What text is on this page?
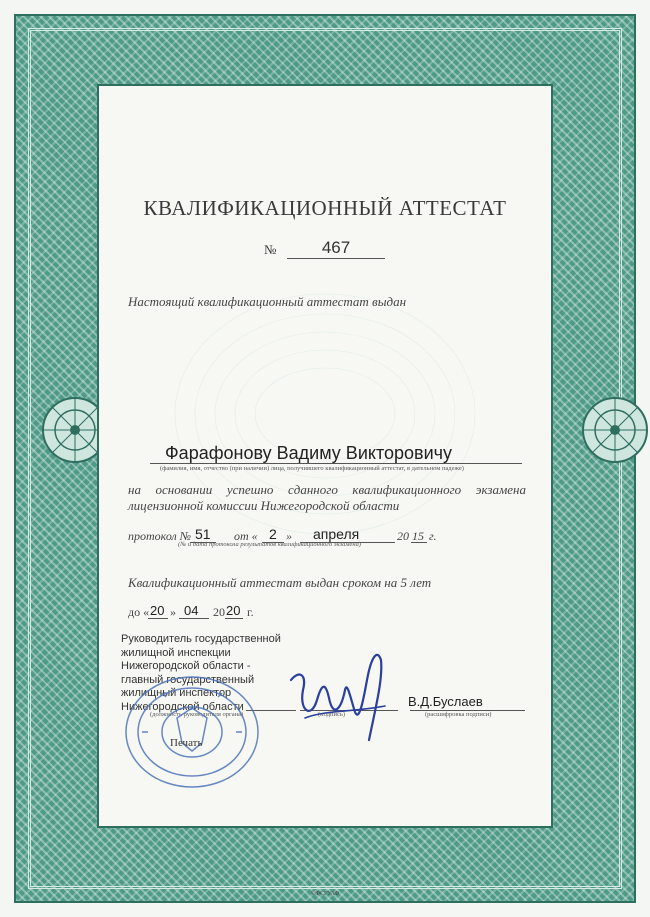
КВАЛИФИКАЦИОННЫЙ АТТЕСТАТ
№	467
Настоящий квалификационный аттестат выдан
Фарафонову Вадиму Викторовичу
(фамилия, имя, отчество (при наличии) лица, получившего квалификационный аттестат, в дательном падеже)
на основании успешно сданного квалификационного экзамена
лицензионной комиссии Нижегородской области
протокол № 51 от « 2 » апреля	20 15 г.
(№ и дата протокола результатов квалификационного экзамена)
Квалификационный аттестат выдан сроком на 5 лет
до « 20 » 04 20 20 г.
Руководитель государственной
жилищной инспекции
Нижегородской области -
главный государственный
жилищный инспектор
Нижегородской области
(должность руководителя органа)	(подпись)
В.Д.Буслаев
(расшифровка подписи)
Печать
©ФСГУАФ
